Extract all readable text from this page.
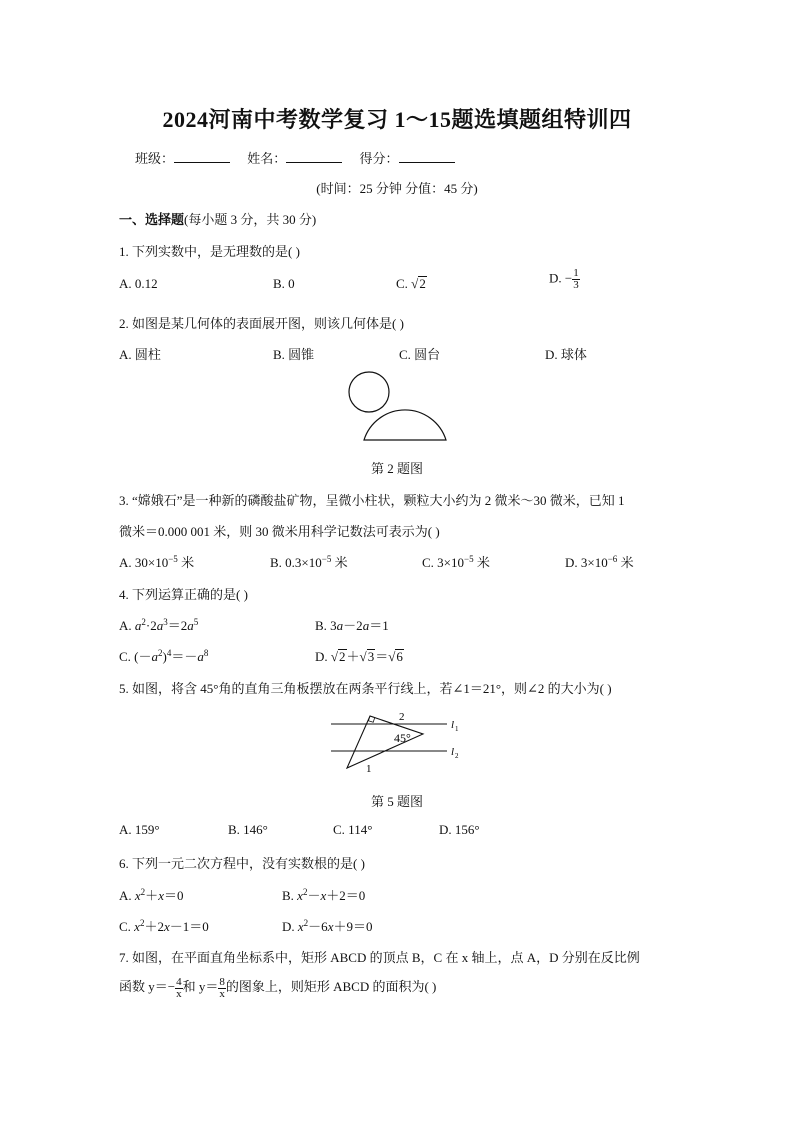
2024河南中考数学复习 1～15题选填题组特训四
班级：	姓名：	得分：
(时间：25 分钟 分值：45 分)
一、选择题(每小题 3 分，共 30 分)
1. 下列实数中，是无理数的是( )
A. 0.12	B. 0	C. √2	D. − $\frac{1}{3}$
2. 如图是某几何体的表面展开图，则该几何体是( )
A. 圆柱	B. 圆锥	C. 圆台	D. 球体
第 2 题图
3. “嫦娥石”是一种新的磷酸盐矿物，呈微小柱状，颗粒大小约为 2 微米～30 微米，已知 1
微米＝0.000 001 米，则 30 微米用科学记数法可表示为( )
A. $30\times 10^{-5}$ 米	B. $0.3\times 10^{-5}$ 米	C. $3\times 10^{-5}$ 米	D. $3\times 10^{-6}$ 米
4. 下列运算正确的是( )
A. $a^2\cdot 2a^3=2a^5$	B. 3a－2a＝1
C. $(-a^2)^4=-a^8$	D. √2＋√3＝√6
5. 如图，将含 45°角的直角三角板摆放在两条平行线上，若∠1＝21°，则∠2 的大小为( )
45°
2
1
l 1
l 2
第 5 题图
A. 159°	B. 146°	C. 114°	D. 156°
6. 下列一元二次方程中，没有实数根的是( )
A. $x^2+x=0$	B. $x^2-x+2=0$
C. $x^2+2x-1=0$	D. $x^2-6x+9=0$
7. 如图，在平面直角坐标系中，矩形 ABCD 的顶点 B，C 在 x 轴上，点 A，D 分别在反比例
函数 $y=- \frac{4}{x}$ 和 $y= \frac{8}{x}$ 的图象上，则矩形 ABCD 的面积为( )
